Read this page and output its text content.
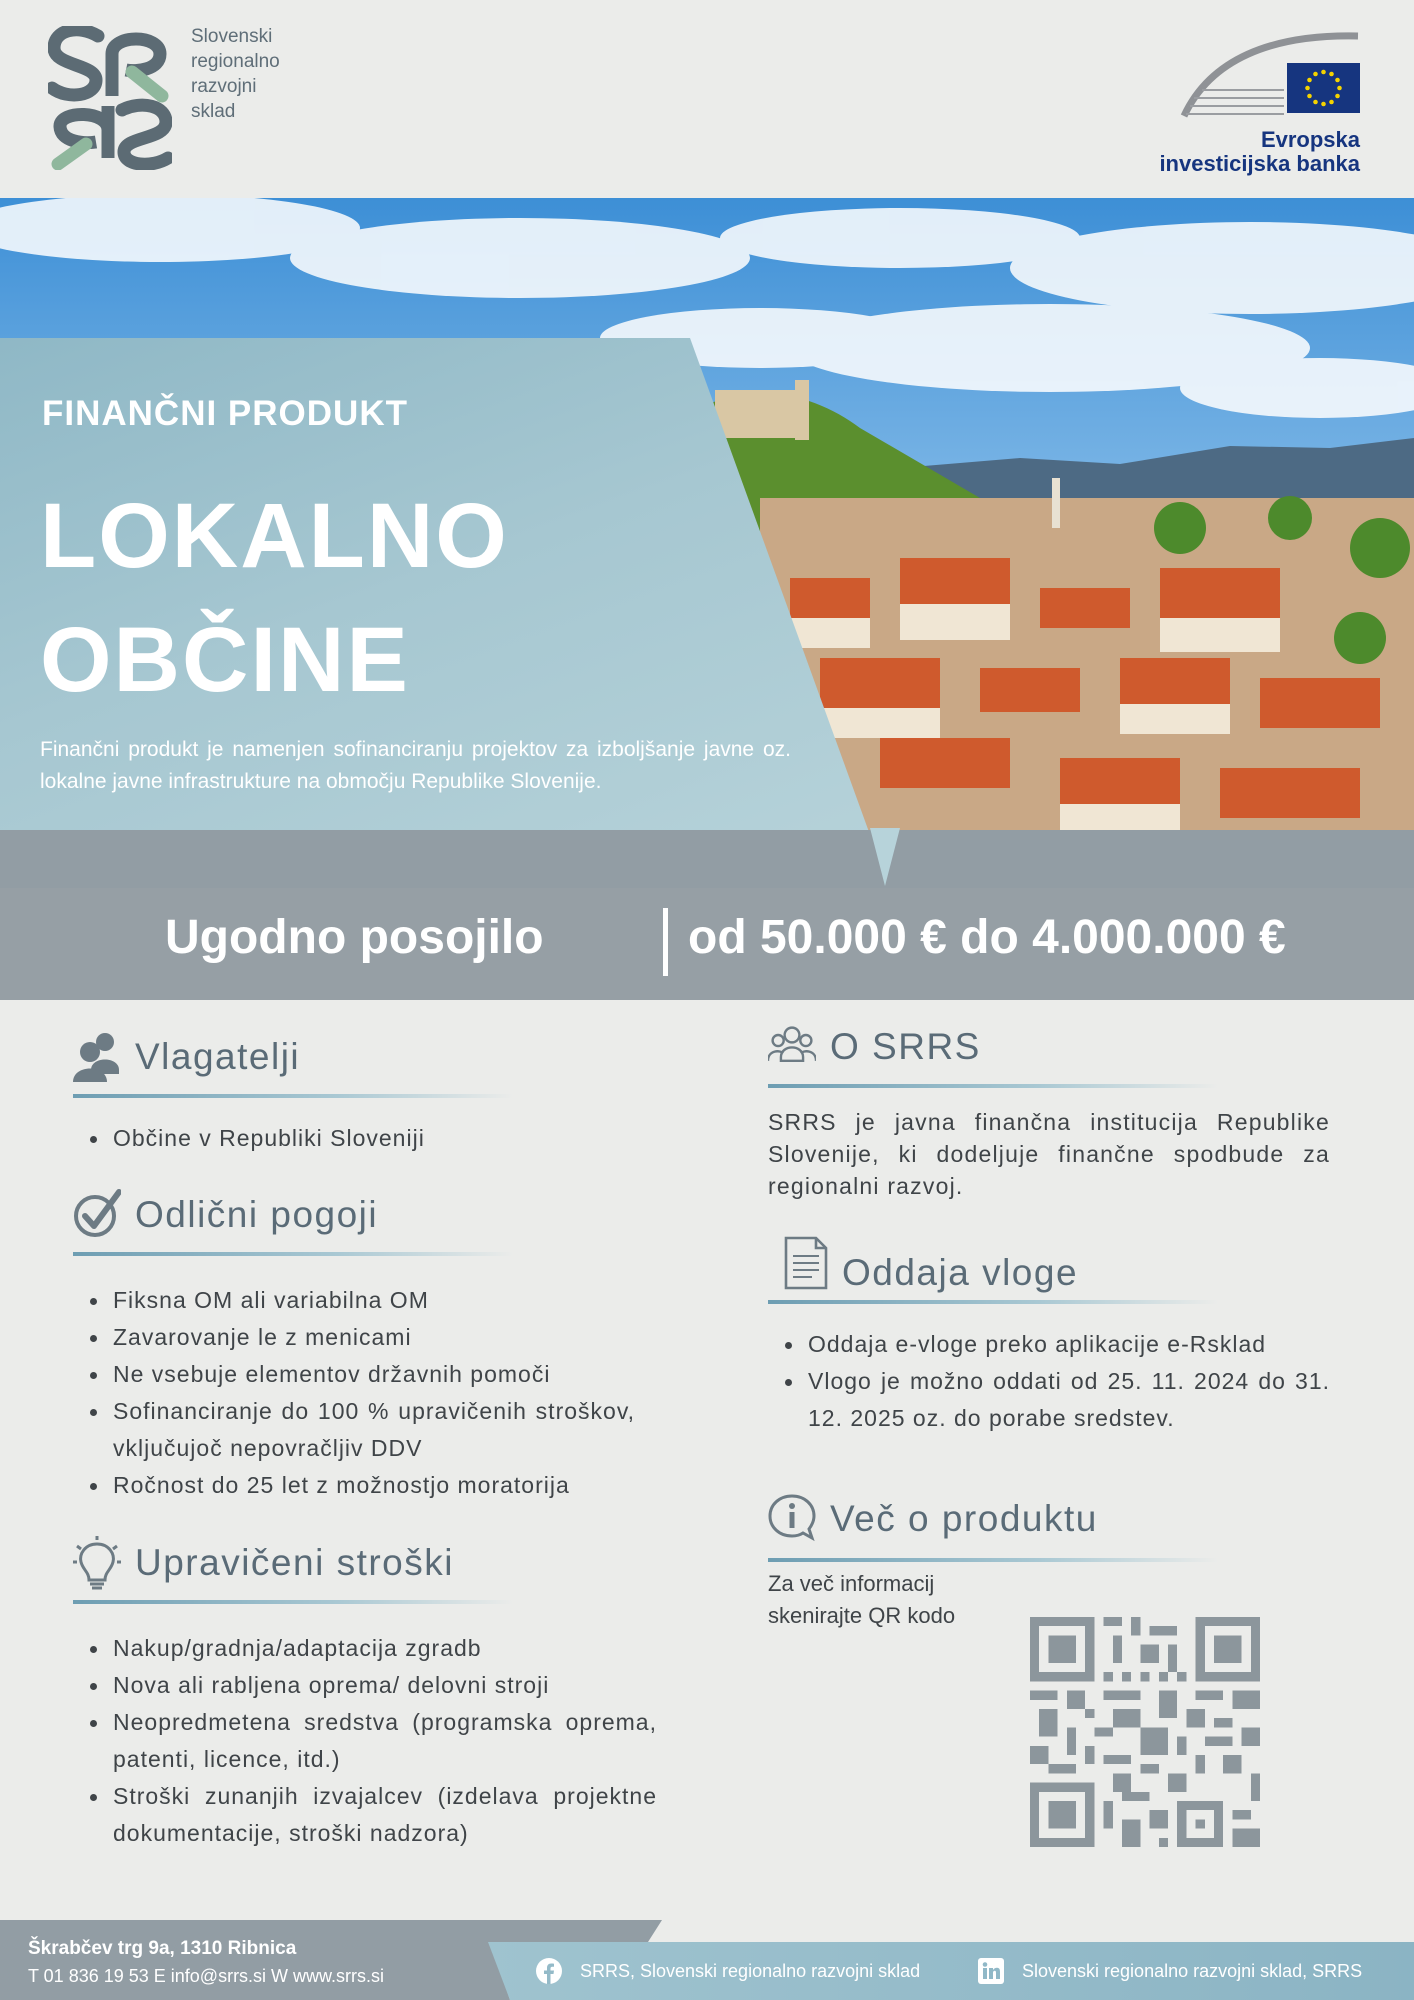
Slovenski
regionalno
razvojni
sklad
Evropska
investicijska banka
FINANČNI PRODUKT
LOKALNO
OBČINE
Finančni produkt je namenjen sofinanciranju projektov za izboljšanje javne oz. lokalne javne infrastrukture na območju Republike Slovenije.
Ugodno posojilo	od 50.000 € do 4.000.000 €
Vlagatelji
Občine v Republiki Sloveniji
Odlični pogoji
Fiksna OM ali variabilna OM
Zavarovanje le z menicami
Ne vsebuje elementov državnih pomoči
Sofinanciranje do 100 % upravičenih stroškov, vključujoč nepovračljiv DDV
Ročnost do 25 let z možnostjo moratorija
Upravičeni stroški
Nakup/gradnja/adaptacija zgradb
Nova ali rabljena oprema/ delovni stroji
Neopredmetena sredstva (programska oprema, patenti, licence, itd.)
Stroški zunanjih izvajalcev (izdelava projektne dokumentacije, stroški nadzora)
O SRRS

SRRS je javna finančna institucija Republike Slovenije, ki dodeljuje finančne spodbude za regionalni razvoj.

Oddaja vloge
Oddaja e-vloge preko aplikacije e-Rsklad
Vlogo je možno oddati od 25. 11. 2024 do 31. 12. 2025 oz. do porabe sredstev.
Več o produktu
Za več informacij
skenirajte QR kodo
Škrabčev trg 9a, 1310 Ribnica
T 01 836 19 53 E info@srrs.si W www.srrs.si	SRRS, Slovenski regionalno razvojni sklad	Slovenski regionalno razvojni sklad, SRRS
